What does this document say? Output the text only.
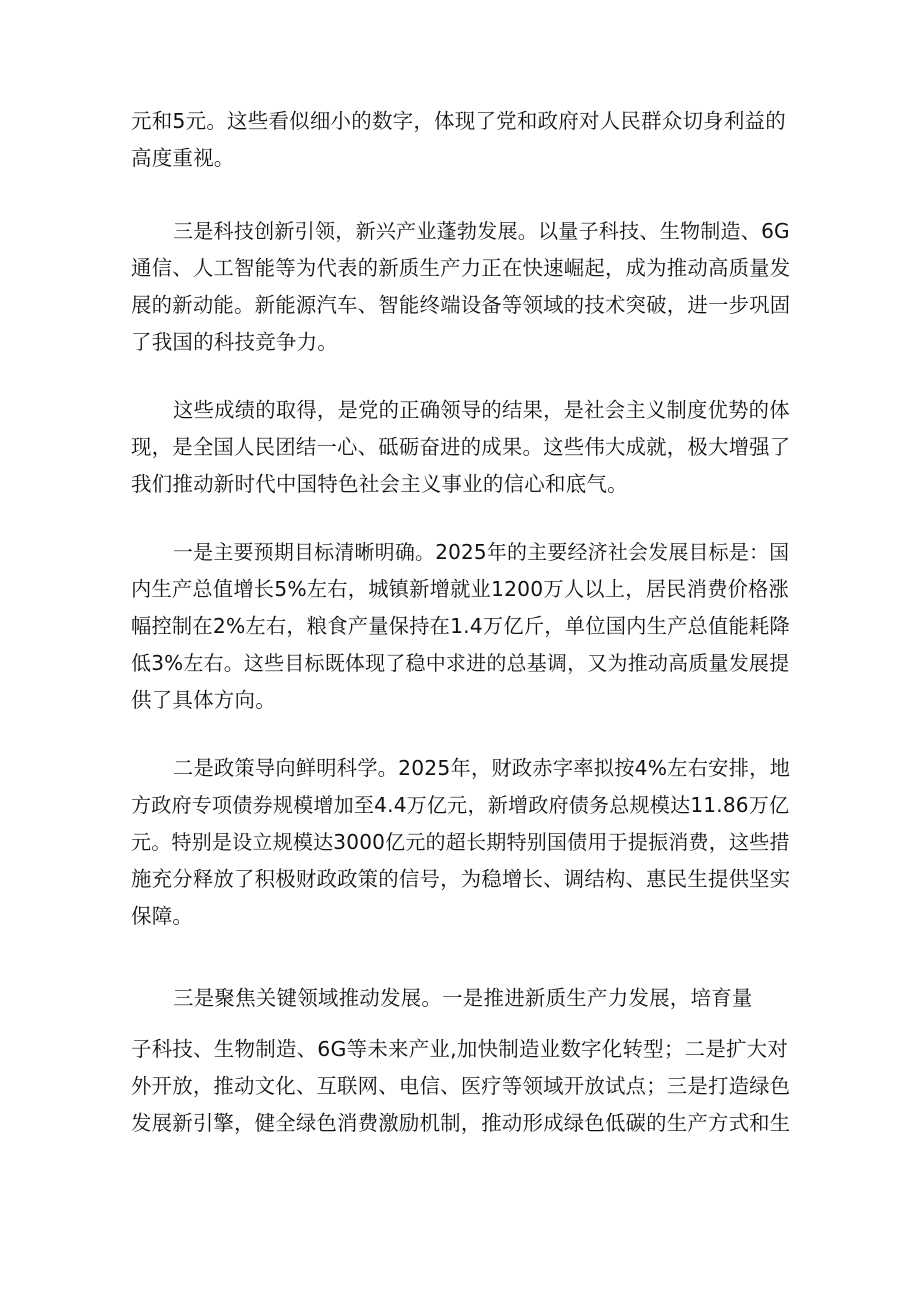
元和5元。这些看似细小的数字，体现了党和政府对人民群众切身利益的
高度重视。
三是科技创新引领，新兴产业蓬勃发展。以量子科技、生物制造、6G
通信、人工智能等为代表的新质生产力正在快速崛起，成为推动高质量发
展的新动能。新能源汽车、智能终端设备等领域的技术突破，进一步巩固
了我国的科技竞争力。
这些成绩的取得，是党的正确领导的结果，是社会主义制度优势的体
现，是全国人民团结一心、砥砺奋进的成果。这些伟大成就，极大增强了
我们推动新时代中国特色社会主义事业的信心和底气。
一是主要预期目标清晰明确。2025年的主要经济社会发展目标是：国
内生产总值增长5%左右，城镇新增就业1200万人以上，居民消费价格涨
幅控制在2%左右，粮食产量保持在1.4万亿斤，单位国内生产总值能耗降
低3%左右。这些目标既体现了稳中求进的总基调，又为推动高质量发展提
供了具体方向。
二是政策导向鲜明科学。2025年，财政赤字率拟按4%左右安排，地
方政府专项债券规模增加至4.4万亿元，新增政府债务总规模达11.86万亿
元。特别是设立规模达3000亿元的超长期特别国债用于提振消费，这些措
施充分释放了积极财政政策的信号，为稳增长、调结构、惠民生提供坚实
保障。
三是聚焦关键领域推动发展。一是推进新质生产力发展，培育量
子科技、生物制造、6G等未来产业,加快制造业数字化转型；二是扩大对
外开放，推动文化、互联网、电信、医疗等领域开放试点；三是打造绿色
发展新引擎，健全绿色消费激励机制，推动形成绿色低碳的生产方式和生
